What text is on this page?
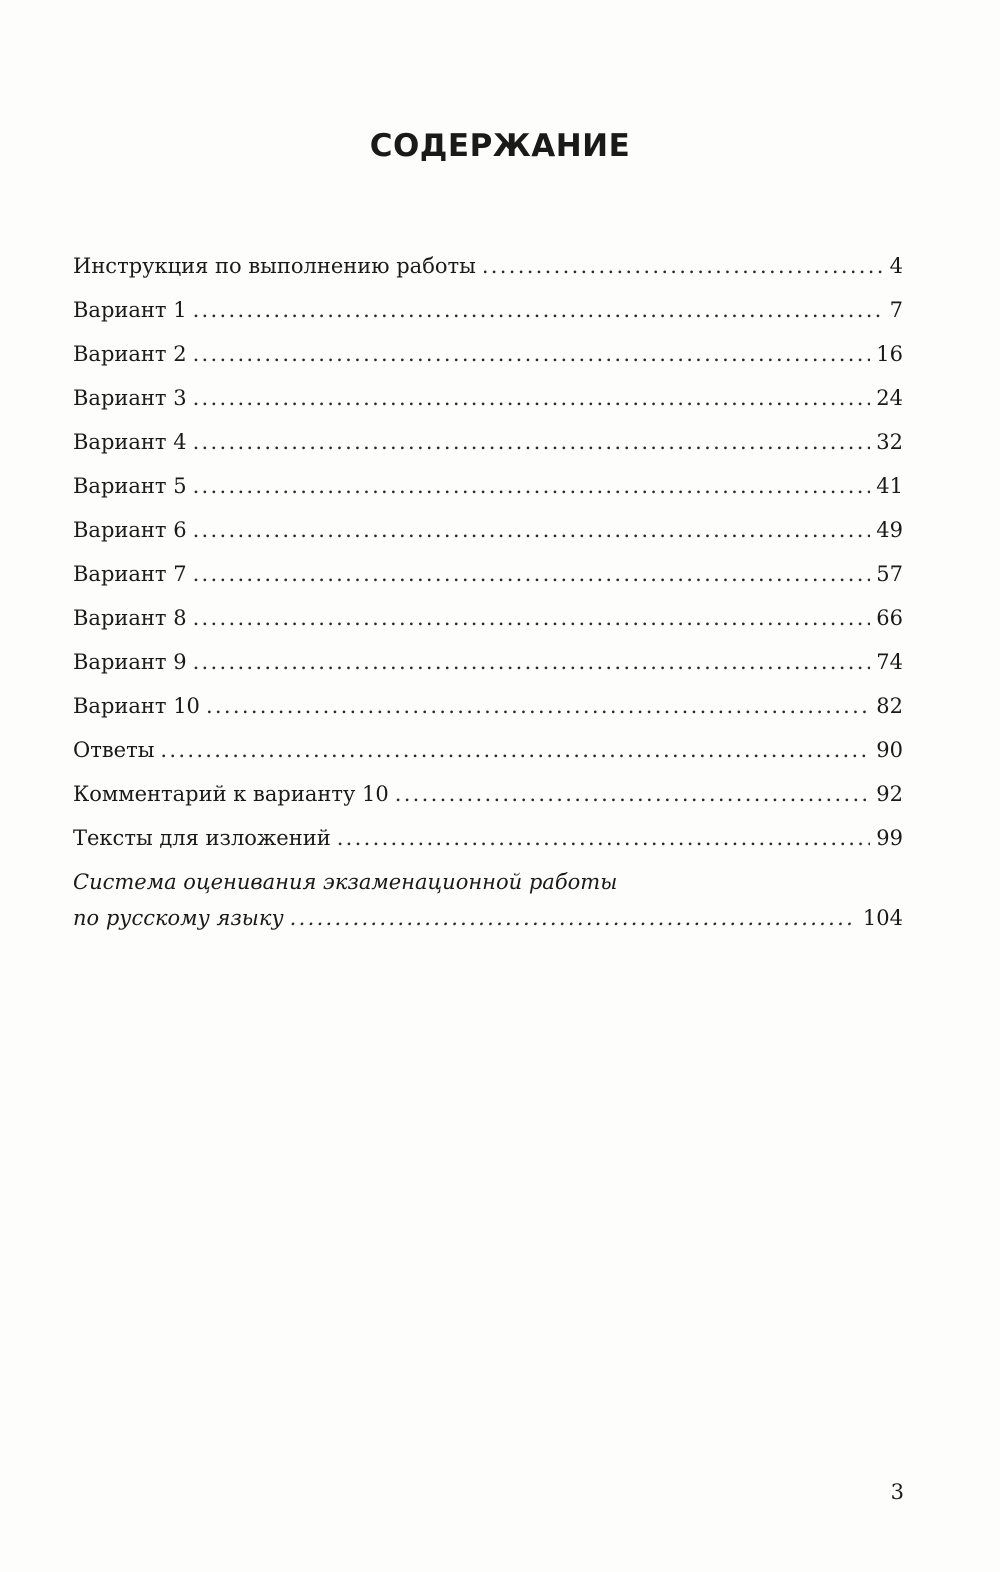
СОДЕРЖАНИЕ
Инструкция по выполнению работы .....	4
Вариант 1 .....	7
Вариант 2 .....	16
Вариант 3 .....	24
Вариант 4 .....	32
Вариант 5 .....	41
Вариант 6 .....	49
Вариант 7 .....	57
Вариант 8 .....	66
Вариант 9 .....	74
Вариант 10 .....	82
Ответы .....	90
Комментарий к варианту 10 .....	92
Тексты для изложений .....	99
Система оценивания экзаменационной работы
по русскому языку .....	104
3
